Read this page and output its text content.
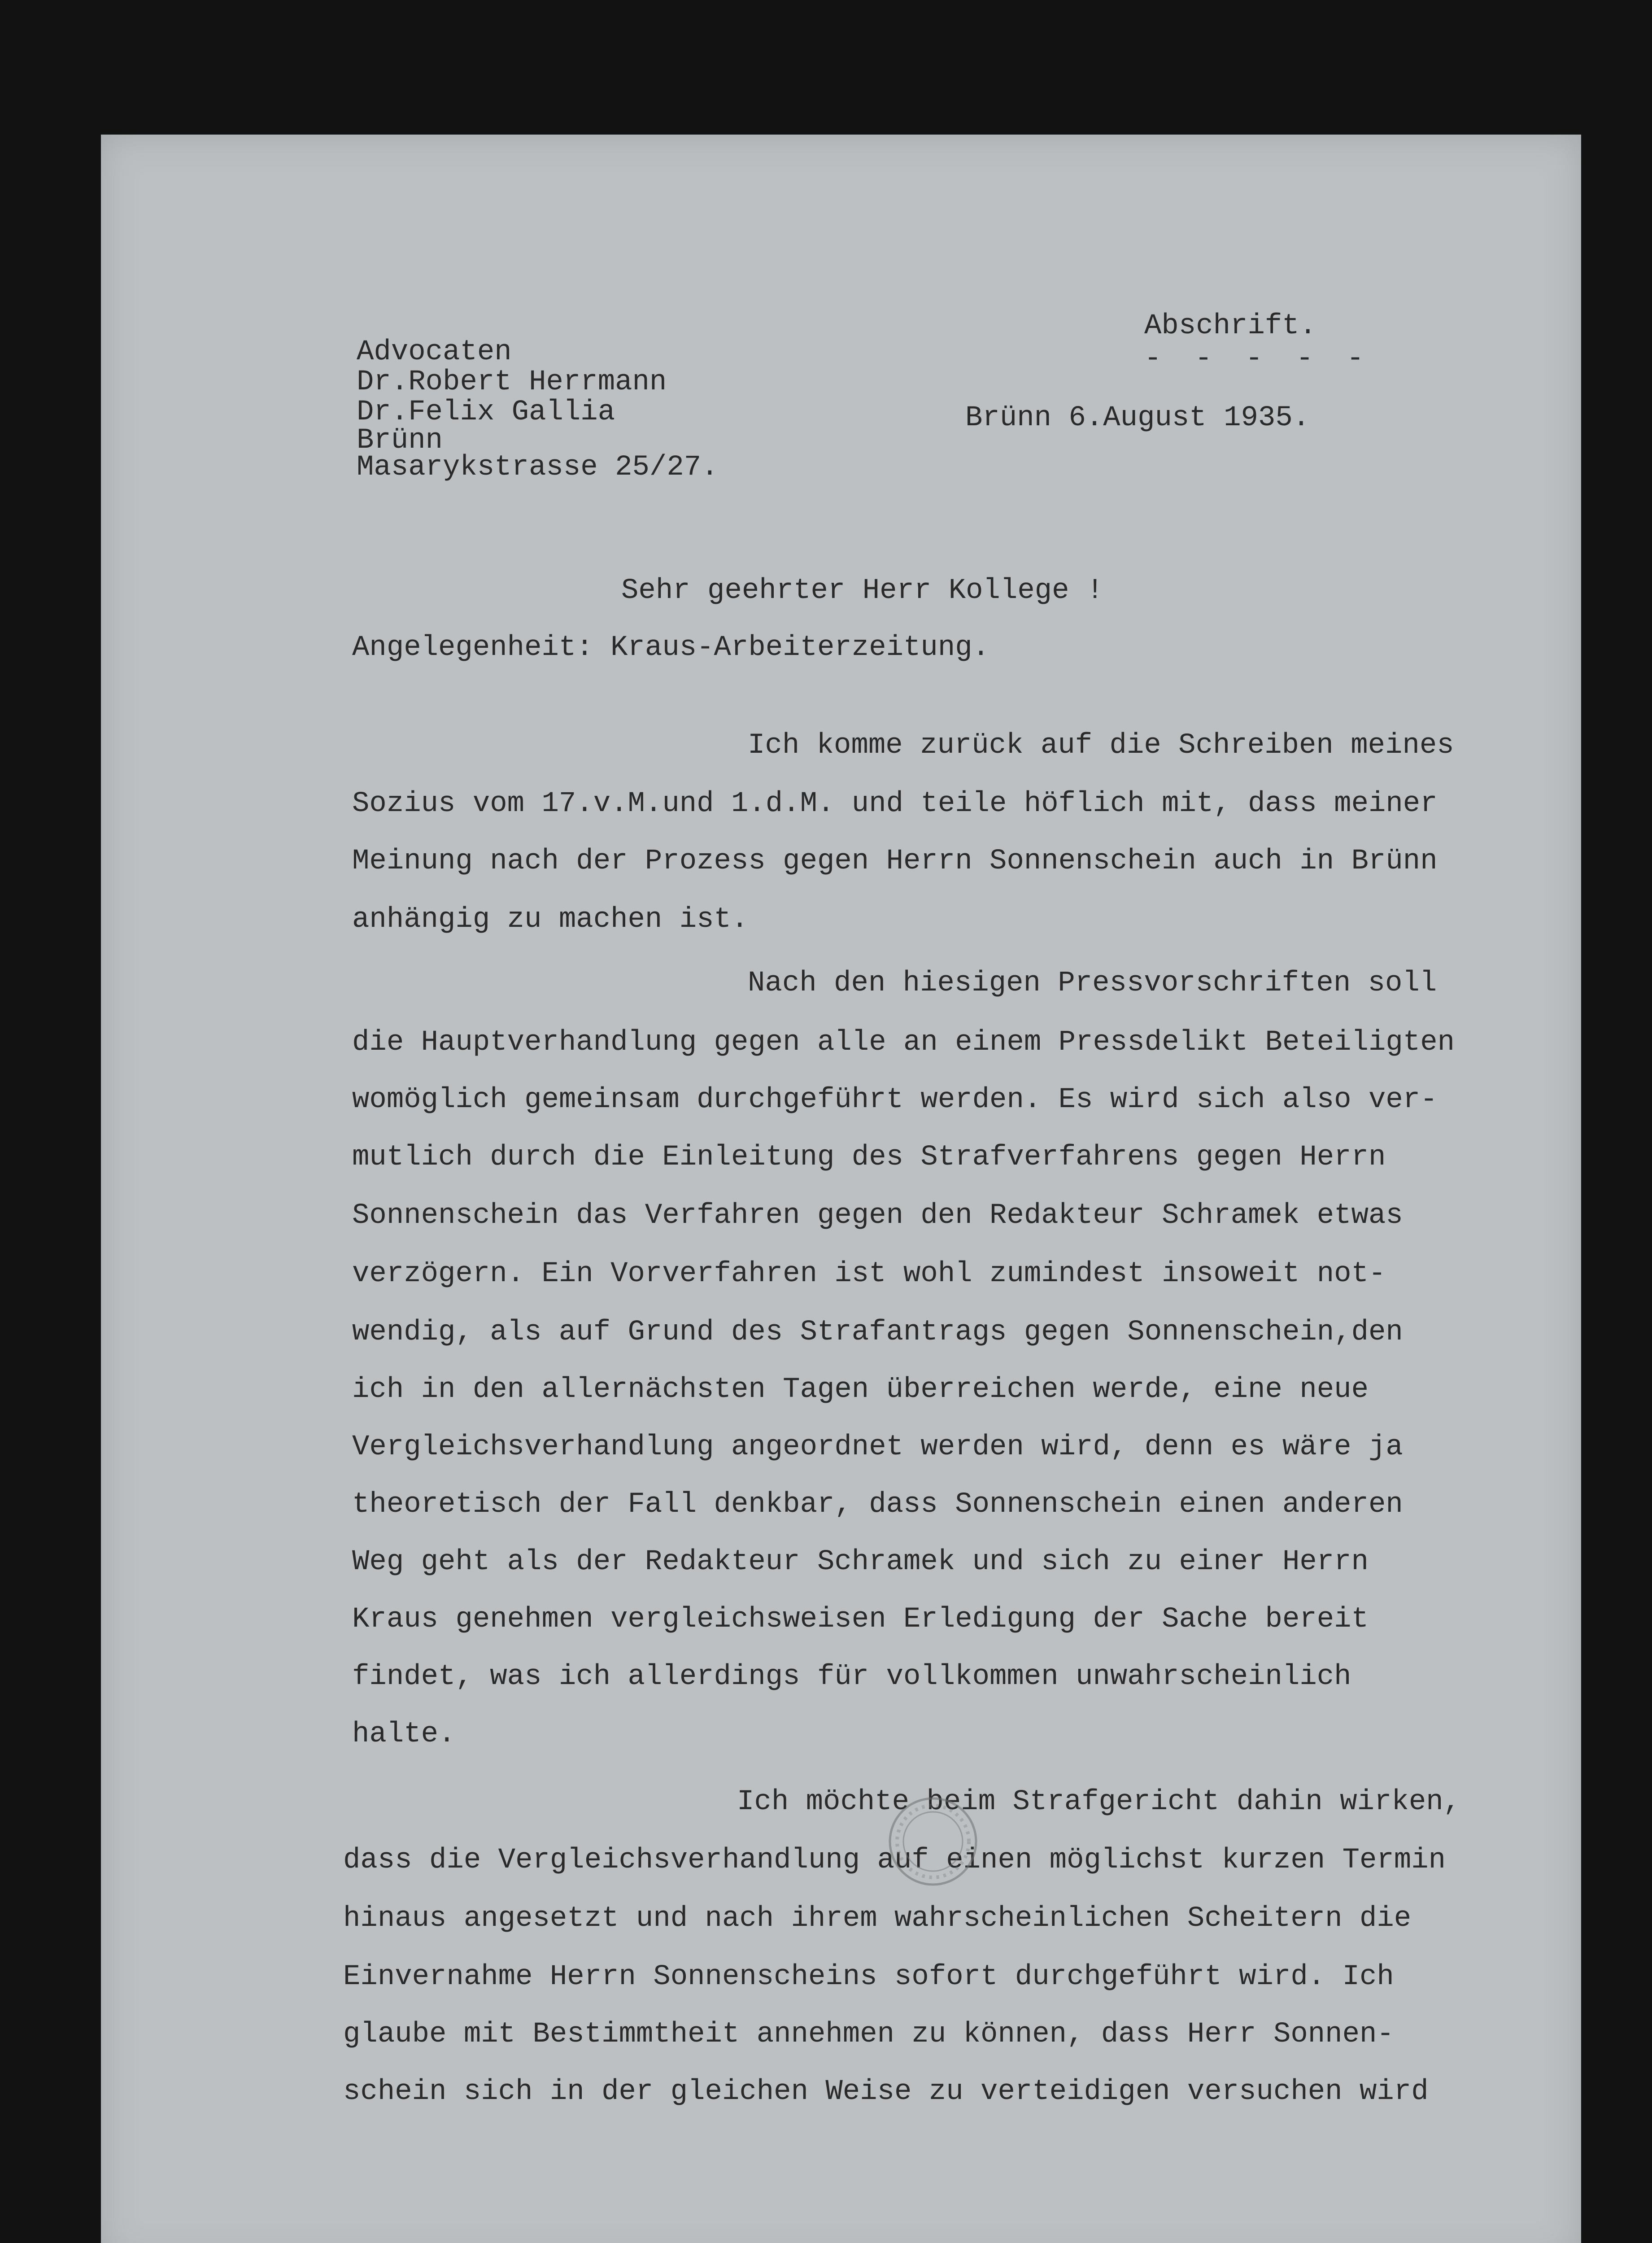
Abschrift.
- - - - -
Advocaten
Dr.Robert Herrmann
Dr.Felix Gallia
Brünn
Masarykstrasse 25/27.
Brünn 6.August 1935.
Sehr geehrter Herr Kollege !
Angelegenheit: Kraus-Arbeiterzeitung.
Ich komme zurück auf die Schreiben meines
Sozius vom 17.v.M.und 1.d.M. und teile höflich mit, dass meiner
Meinung nach der Prozess gegen Herrn Sonnenschein auch in Brünn
anhängig zu machen ist.
Nach den hiesigen Pressvorschriften soll
die Hauptverhandlung gegen alle an einem Pressdelikt Beteiligten
womöglich gemeinsam durchgeführt werden. Es wird sich also ver-
mutlich durch die Einleitung des Strafverfahrens gegen Herrn
Sonnenschein das Verfahren gegen den Redakteur Schramek etwas
verzögern. Ein Vorverfahren ist wohl zumindest insoweit not-
wendig, als auf Grund des Strafantrags gegen Sonnenschein,den
ich in den allernächsten Tagen überreichen werde, eine neue
Vergleichsverhandlung angeordnet werden wird, denn es wäre ja
theoretisch der Fall denkbar, dass Sonnenschein einen anderen
Weg geht als der Redakteur Schramek und sich zu einer Herrn
Kraus genehmen vergleichsweisen Erledigung der Sache bereit
findet, was ich allerdings für vollkommen unwahrscheinlich
halte.
Ich möchte beim Strafgericht dahin wirken,
dass die Vergleichsverhandlung auf einen möglichst kurzen Termin
hinaus angesetzt und nach ihrem wahrscheinlichen Scheitern die
Einvernahme Herrn Sonnenscheins sofort durchgeführt wird. Ich
glaube mit Bestimmtheit annehmen zu können, dass Herr Sonnen-
schein sich in der gleichen Weise zu verteidigen versuchen wird
